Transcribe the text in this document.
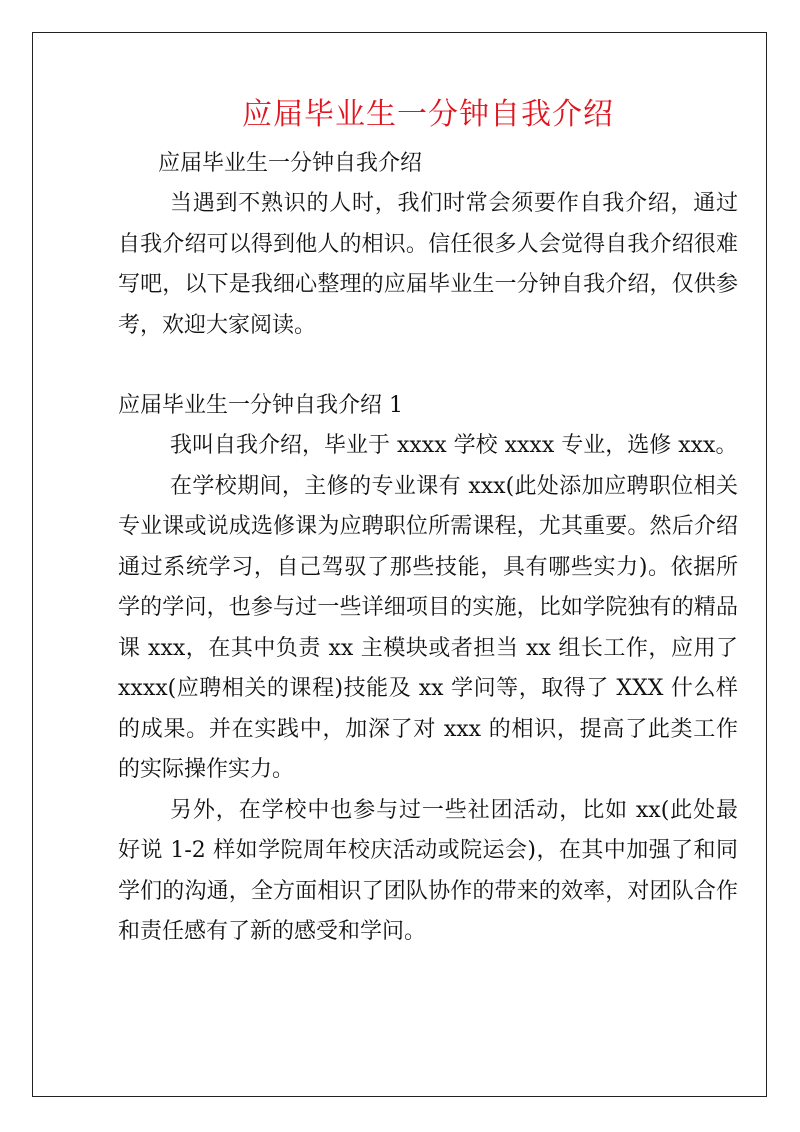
应届毕业生一分钟自我介绍
应届毕业生一分钟自我介绍

当遇到不熟识的人时，我们时常会须要作自我介绍，通过自我介绍可以得到他人的相识。信任很多人会觉得自我介绍很难写吧，以下是我细心整理的应届毕业生一分钟自我介绍，仅供参考，欢迎大家阅读。

应届毕业生一分钟自我介绍 1

我叫自我介绍，毕业于 xxxx 学校 xxxx 专业，选修 xxx。

在学校期间，主修的专业课有 xxx(此处添加应聘职位相关专业课或说成选修课为应聘职位所需课程，尤其重要。然后介绍通过系统学习，自己驾驭了那些技能，具有哪些实力)。依据所学的学问，也参与过一些详细项目的实施，比如学院独有的精品课 xxx，在其中负责 xx 主模块或者担当 xx 组长工作，应用了 xxxx(应聘相关的课程)技能及 xx 学问等，取得了 XXX 什么样的成果。并在实践中，加深了对 xxx 的相识，提高了此类工作的实际操作实力。

另外，在学校中也参与过一些社团活动，比如 xx(此处最好说 1-2 样如学院周年校庆活动或院运会)，在其中加强了和同学们的沟通，全方面相识了团队协作的带来的效率，对团队合作和责任感有了新的感受和学问。
